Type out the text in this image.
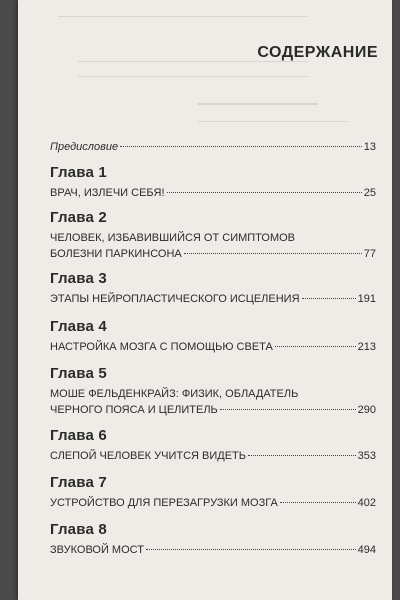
СОДЕРЖАНИЕ
Предисловие	13
Глава 1
ВРАЧ, ИЗЛЕЧИ СЕБЯ!	25
Глава 2
ЧЕЛОВЕК, ИЗБАВИВШИЙСЯ ОТ СИМПТОМОВ
БОЛЕЗНИ ПАРКИНСОНА	77
Глава 3
ЭТАПЫ НЕЙРОПЛАСТИЧЕСКОГО ИСЦЕЛЕНИЯ	191
Глава 4
НАСТРОЙКА МОЗГА С ПОМОЩЬЮ СВЕТА	213
Глава 5
МОШЕ ФЕЛЬДЕНКРАЙЗ: ФИЗИК, ОБЛАДАТЕЛЬ
ЧЕРНОГО ПОЯСА И ЦЕЛИТЕЛЬ	290
Глава 6
СЛЕПОЙ ЧЕЛОВЕК УЧИТСЯ ВИДЕТЬ	353
Глава 7
УСТРОЙСТВО ДЛЯ ПЕРЕЗАГРУЗКИ МОЗГА	402
Глава 8
ЗВУКОВОЙ МОСТ	494
